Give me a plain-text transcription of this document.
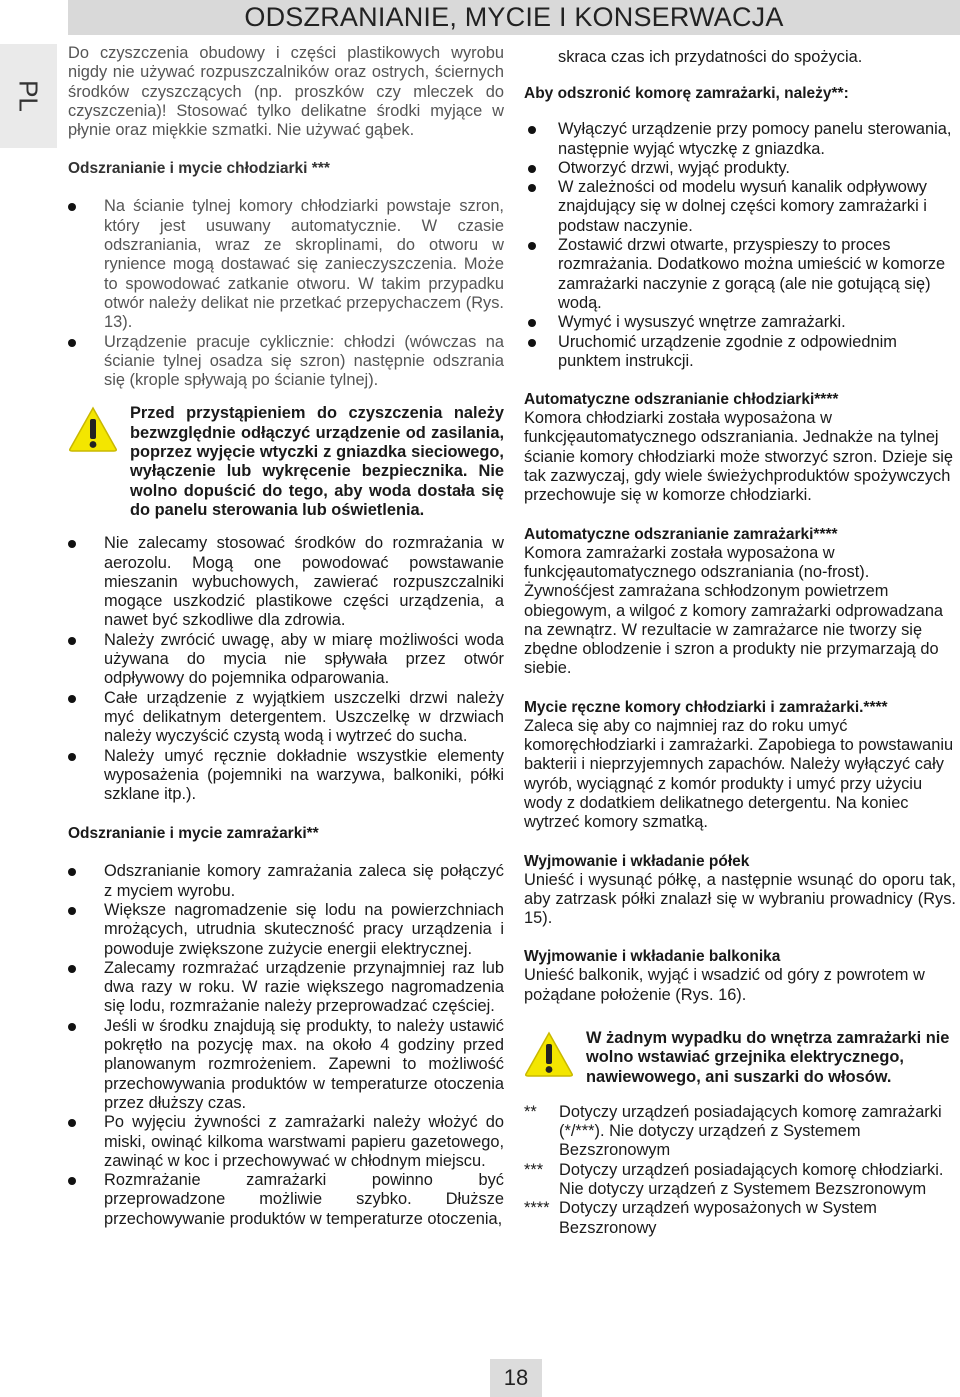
ODSZRANIANIE, MYCIE I KONSERWACJA
PL

Do czyszczenia obudowy i części plastikowych wyrobu nigdy nie używać rozpuszczalników oraz ostrych, ściernych środków czyszczących (np. proszków czy mleczek do czyszczenia)! Stosować tylko delikatne środki myjące w płynie oraz miękkie szmatki. Nie używać gąbek.

Odszranianie i mycie chłodziarki ***

Na ścianie tylnej komory chłodziarki powstaje szron, który jest usuwany automatycznie. W czasie odszraniania, wraz ze skroplinami, do otworu w rynience mogą dostawać się zanieczyszczenia. Może to spowodować zatkanie otworu. W takim przypadku otwór należy delikat nie przetkać przepychaczem (Rys. 13).
Urządzenie pracuje cyklicznie: chłodzi (wówczas na ścianie tylnej osadza się szron) następnie odszrania się (krople spływają po ścianie tylnej).

Przed przystąpieniem do czyszczenia należy bezwzględnie odłączyć urządzenie od zasilania, poprzez wyjęcie wtyczki z gniazdka sieciowego, wyłączenie lub wykręcenie bezpiecznika. Nie wolno dopuścić do tego, aby woda dostała się do panelu sterowania lub oświetlenia.

Nie zalecamy stosować środków do rozmrażania w aerozolu. Mogą one powodować powstawanie mieszanin wybuchowych, zawierać rozpuszczalniki mogące uszkodzić plastikowe części urządzenia, a nawet być szkodliwe dla zdrowia.
Należy zwrócić uwagę, aby w miarę możliwości woda używana do mycia nie spływała przez otwór odpływowy do pojemnika odparowania.
Całe urządzenie z wyjątkiem uszczelki drzwi należy myć delikatnym detergentem. Uszczelkę w drzwiach należy wyczyścić czystą wodą i wytrzeć do sucha.
Należy umyć ręcznie dokładnie wszystkie elementy wyposażenia (pojemniki na warzywa, balkoniki, półki szklane itp.).

Odszranianie i mycie zamrażarki**

Odszranianie komory zamrażania zaleca się połączyć z myciem wyrobu.
Większe nagromadzenie się lodu na powierzchniach mrożących, utrudnia skuteczność pracy urządzenia i powoduje zwiększone zużycie energii elektrycznej.
Zalecamy rozmrażać urządzenie przynajmniej raz lub dwa razy w roku. W razie większego nagromadzenia się lodu, rozmrażanie należy przeprowadzać częściej.
Jeśli w środku znajdują się produkty, to należy ustawić pokrętło na pozycję max. na około 4 godziny przed planowanym rozmrożeniem. Zapewni to możliwość przechowywania produktów w temperaturze otoczenia przez dłuższy czas.
Po wyjęciu żywności z zamrażarki należy włożyć do miski, owinąć kilkoma warstwami papieru gazetowego, zawinąć w koc i przechowywać w chłodnym miejscu.
Rozmrażanie zamrażarki powinno być przeprowadzone możliwie szybko. Dłuższe przechowywanie produktów w temperaturze otoczenia,

skraca czas ich przydatności do spożycia.

Aby odszronić komorę zamrażarki, należy**:

Wyłączyć urządzenie przy pomocy panelu sterowania, następnie wyjąć wtyczkę z gniazdka.
Otworzyć drzwi, wyjąć produkty.
W zależności od modelu wysuń kanalik odpływowy znajdujący się w dolnej części komory zamrażarki i podstaw naczynie.
Zostawić drzwi otwarte, przyspieszy to proces rozmrażania. Dodatkowo można umieścić w komorze zamrażarki naczynie z gorącą (ale nie gotującą się) wodą.
Wymyć i wysuszyć wnętrze zamrażarki.
Uruchomić urządzenie zgodnie z odpowiednim punktem instrukcji.

Automatyczne odszranianie chłodziarki****

Komora chłodziarki została wyposażona w funkcjęautomatycznego odszraniania. Jednakże na tylnej ścianie komory chłodziarki może stworzyć szron. Dzieje się tak zazwyczaj, gdy wiele świeżychproduktów spożywczych przechowuje się w komorze chłodziarki.

Automatyczne odszranianie zamrażarki****

Komora zamrażarki została wyposażona w funkcjęautomatycznego odszraniania (no-frost). Żywnośćjest zamrażana schłodzonym powietrzem obiegowym, a wilgoć z komory zamrażarki odprowadzana na zewnątrz. W rezultacie w zamrażarce nie tworzy się zbędne oblodzenie i szron a produkty nie przymarzają do siebie.

Mycie ręczne komory chłodziarki i zamrażarki.****

Zaleca się aby co najmniej raz do roku umyć komoręchłodziarki i zamrażarki. Zapobiega to powstawaniu bakterii i nieprzyjemnych zapachów. Należy wyłączyć cały wyrób, wyciągnąć z komór produkty i umyć przy użyciu wody z dodatkiem delikatnego detergentu. Na koniec wytrzeć komory szmatką.

Wyjmowanie i wkładanie półek

Unieść i wysunąć półkę, a następnie wsunąć do oporu tak, aby zatrzask półki znalazł się w wybraniu prowadnicy (Rys. 15).

Wyjmowanie i wkładanie balkonika

Unieść balkonik, wyjąć i wsadzić od góry z powrotem w pożądane położenie (Rys. 16).

W żadnym wypadku do wnętrza zamrażarki nie wolno wstawiać grzejnika elektrycznego, nawiewowego, ani suszarki do włosów.

** Dotyczy urządzeń posiadających komorę zamrażarki (*/***). Nie dotyczy urządzeń z Systemem Bezszronowym
*** Dotyczy urządzeń posiadających komorę chłodziarki. Nie dotyczy urządzeń z Systemem Bezszronowym
**** Dotyczy urządzeń wyposażonych w System Bezszronowy
18
